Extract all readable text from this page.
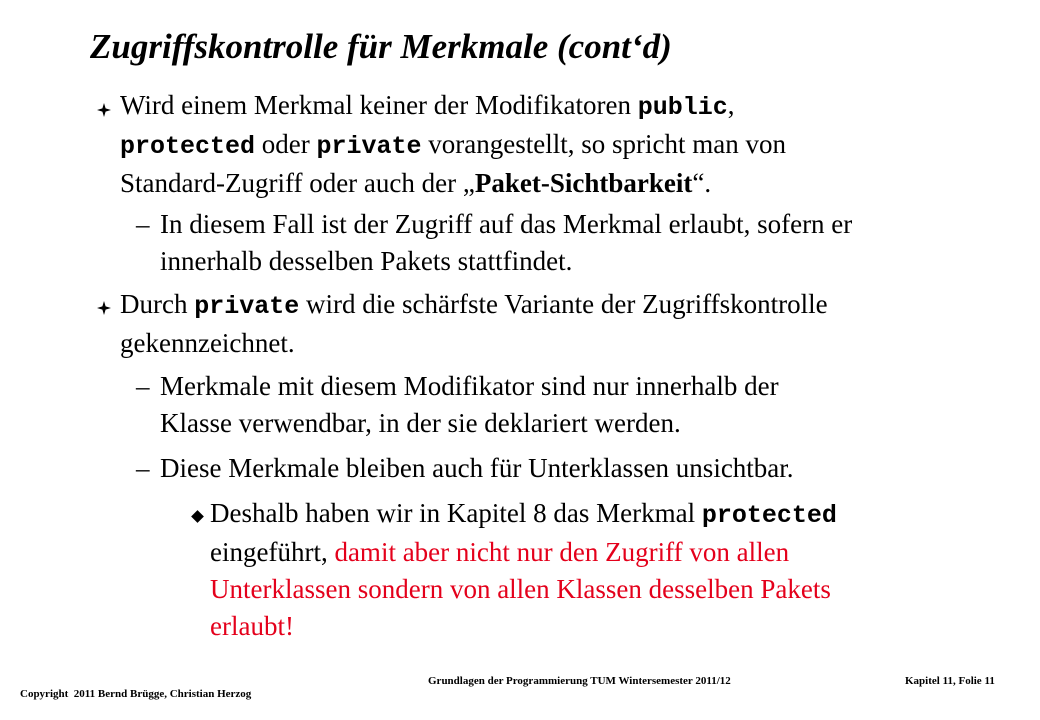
Zugriffskontrolle für Merkmale (cont‘d)
Wird einem Merkmal keiner der Modifikatoren public,
protected oder private vorangestellt, so spricht man von
Standard-Zugriff oder auch der „Paket-Sichtbarkeit“.
– In diesem Fall ist der Zugriff auf das Merkmal erlaubt, sofern er
innerhalb desselben Pakets stattfindet.
Durch private wird die schärfste Variante der Zugriffskontrolle
gekennzeichnet.
– Merkmale mit diesem Modifikator sind nur innerhalb der
Klasse verwendbar, in der sie deklariert werden.
– Diese Merkmale bleiben auch für Unterklassen unsichtbar.
Deshalb haben wir in Kapitel 8 das Merkmal protected
eingeführt, damit aber nicht nur den Zugriff von allen
Unterklassen sondern von allen Klassen desselben Pakets
erlaubt!
Copyright 2011 Bernd Brügge, Christian Herzog
Grundlagen der Programmierung TUM Wintersemester 2011/12	Kapitel 11, Folie 11
